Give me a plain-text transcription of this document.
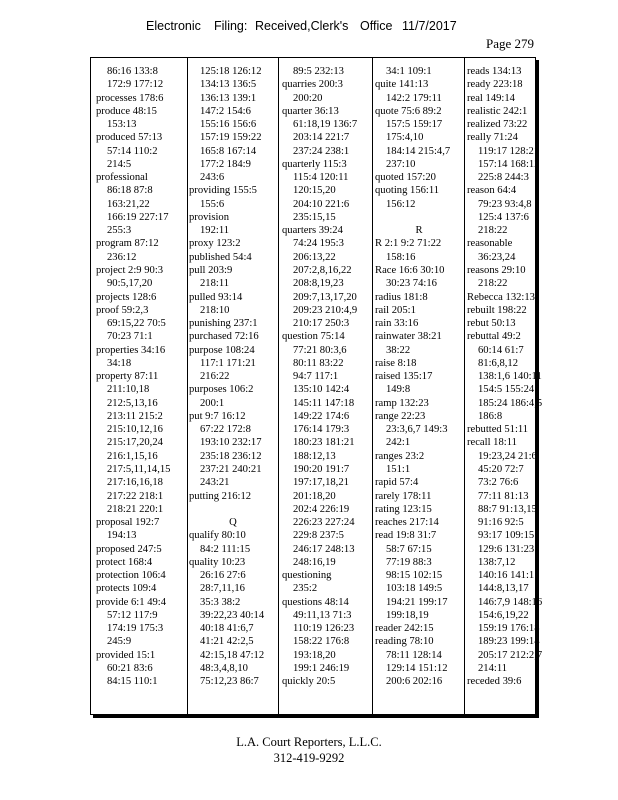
Electronic Filing: Received,Clerk's Office 11/7/2017
Page 279
86:16 133:8
172:9 177:12
processes 178:6
produce 48:15
153:13
produced 57:13
57:14 110:2
214:5
professional
86:18 87:8
163:21,22
166:19 227:17
255:3
program 87:12
236:12
project 2:9 90:3
90:5,17,20
projects 128:6
proof 59:2,3
69:15,22 70:5
70:23 71:1
properties 34:16
34:18
property 87:11
211:10,18
212:5,13,16
213:11 215:2
215:10,12,16
215:17,20,24
216:1,15,16
217:5,11,14,15
217:16,16,18
217:22 218:1
218:21 220:1
proposal 192:7
194:13
proposed 247:5
protect 168:4
protection 106:4
protects 109:4
provide 6:1 49:4
57:12 117:9
174:19 175:3
245:9
provided 15:1
60:21 83:6
84:15 110:1
125:18 126:12
134:13 136:5
136:13 139:1
147:2 154:6
155:16 156:6
157:19 159:22
165:8 167:14
177:2 184:9
243:6
providing 155:5
155:6
provision
192:11
proxy 123:2
published 54:4
pull 203:9
218:11
pulled 93:14
218:10
punishing 237:1
purchased 72:16
purpose 108:24
117:1 171:21
216:22
purposes 106:2
200:1
put 9:7 16:12
67:22 172:8
193:10 232:17
235:18 236:12
237:21 240:21
243:21
putting 216:12
Q
qualify 80:10
84:2 111:15
quality 10:23
26:16 27:6
28:7,11,16
35:3 38:2
39:22,23 40:14
40:18 41:6,7
41:21 42:2,5
42:15,18 47:12
48:3,4,8,10
75:12,23 86:7
89:5 232:13
quarries 200:3
200:20
quarter 36:13
61:18,19 136:7
203:14 221:7
237:24 238:1
quarterly 115:3
115:4 120:11
120:15,20
204:10 221:6
235:15,15
quarters 39:24
74:24 195:3
206:13,22
207:2,8,16,22
208:8,19,23
209:7,13,17,20
209:23 210:4,9
210:17 250:3
question 75:14
77:21 80:3,6
80:11 83:22
94:7 117:1
135:10 142:4
145:11 147:18
149:22 174:6
176:14 179:3
180:23 181:21
188:12,13
190:20 191:7
197:17,18,21
201:18,20
202:4 226:19
226:23 227:24
229:8 237:5
246:17 248:13
248:16,19
questioning
235:2
questions 48:14
49:11,13 71:3
110:19 126:23
158:22 176:8
193:18,20
199:1 246:19
quickly 20:5
34:1 109:1
quite 141:13
142:2 179:11
quote 75:6 89:2
157:5 159:17
175:4,10
184:14 215:4,7
237:10
quoted 157:20
quoting 156:11
156:12
R
R 2:1 9:2 71:22
158:16
Race 16:6 30:10
30:23 74:16
radius 181:8
rail 205:1
rain 33:16
rainwater 38:21
38:22
raise 8:18
raised 135:17
149:8
ramp 132:23
range 22:23
23:3,6,7 149:3
242:1
ranges 23:2
151:1
rapid 57:4
rarely 178:11
rating 123:15
reaches 217:14
read 19:8 31:7
58:7 67:15
77:19 88:3
98:15 102:15
103:18 149:5
194:21 199:17
199:18,19
reader 242:15
reading 78:10
78:11 128:14
129:14 151:12
200:6 202:16
reads 134:13
ready 223:18
real 149:14
realistic 242:1
realized 73:22
really 71:24
119:17 128:21
157:14 168:12
225:8 244:3
reason 64:4
79:23 93:4,8
125:4 137:6
218:22
reasonable
36:23,24
reasons 29:10
218:22
Rebecca 132:13
rebuilt 198:22
rebut 50:13
rebuttal 49:2
60:14 61:7
81:6,8,12
138:1,6 140:11
154:5 155:24
185:24 186:4,5
186:8
rebutted 51:11
recall 18:11
19:23,24 21:6
45:20 72:7
73:2 76:6
77:11 81:13
88:7 91:13,15
91:16 92:5
93:17 109:15
129:6 131:23
138:7,12
140:16 141:1
144:8,13,17
146:7,9 148:16
154:6,19,22
159:19 176:18
189:23 199:14
205:17 212:2,7
214:11
receded 39:6
L.A. Court Reporters, L.L.C.
312-419-9292
